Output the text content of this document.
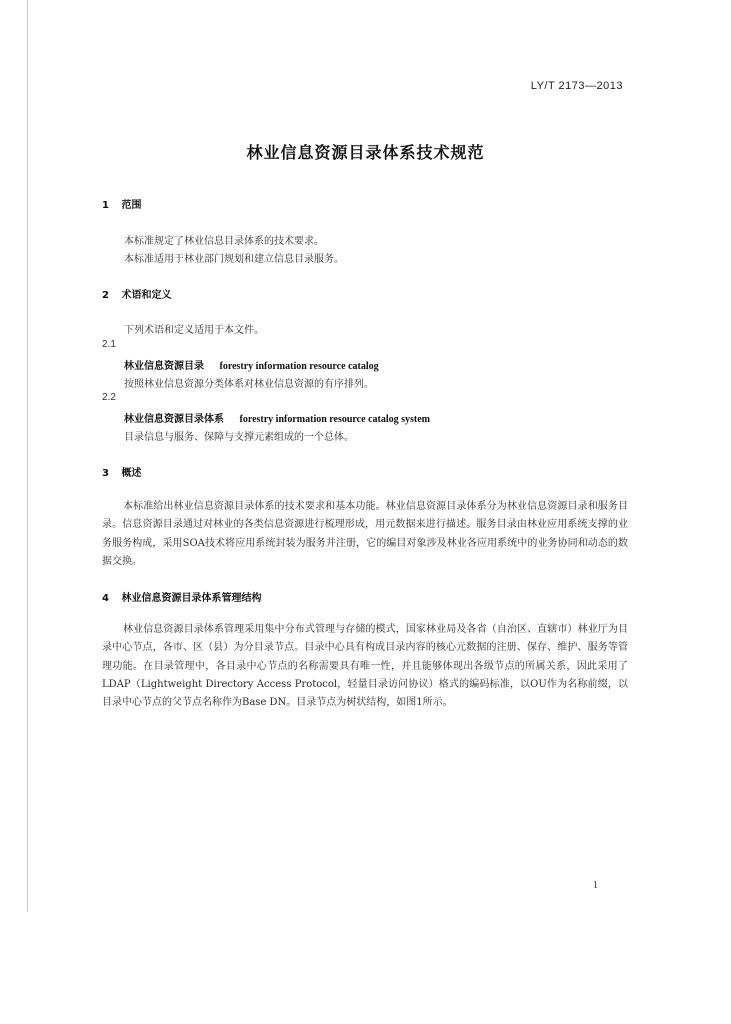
LY/T 2173—2013
林业信息资源目录体系技术规范
1 范围
本标准规定了林业信息目录体系的技术要求。
本标准适用于林业部门规划和建立信息目录服务。
2 术语和定义
下列术语和定义适用于本文件。
2.1
林业信息资源目录 forestry information resource catalog
按照林业信息资源分类体系对林业信息资源的有序排列。
2.2
林业信息资源目录体系 forestry information resource catalog system
目录信息与服务、保障与支撑元素组成的一个总体。
3 概述
本标准给出林业信息资源目录体系的技术要求和基本功能。林业信息资源目录体系分为林业信息资源目录和服务目录。信息资源目录通过对林业的各类信息资源进行梳理形成，用元数据来进行描述。服务目录由林业应用系统支撑的业务服务构成，采用SOA技术将应用系统封装为服务并注册，它的编目对象涉及林业各应用系统中的业务协同和动态的数据交换。
4 林业信息资源目录体系管理结构
林业信息资源目录体系管理采用集中分布式管理与存储的模式，国家林业局及各省（自治区、直辖市）林业厅为目录中心节点，各市、区（县）为分目录节点。目录中心具有构成目录内容的核心元数据的注册、保存、维护、服务等管理功能。在目录管理中，各目录中心节点的名称需要具有唯一性，并且能够体现出各级节点的所属关系，因此采用了LDAP（Lightweight Directory Access Protocol，轻量目录访问协议）格式的编码标准，以OU作为名称前缀，以目录中心节点的父节点名称作为Base DN。目录节点为树状结构，如图1所示。
1
